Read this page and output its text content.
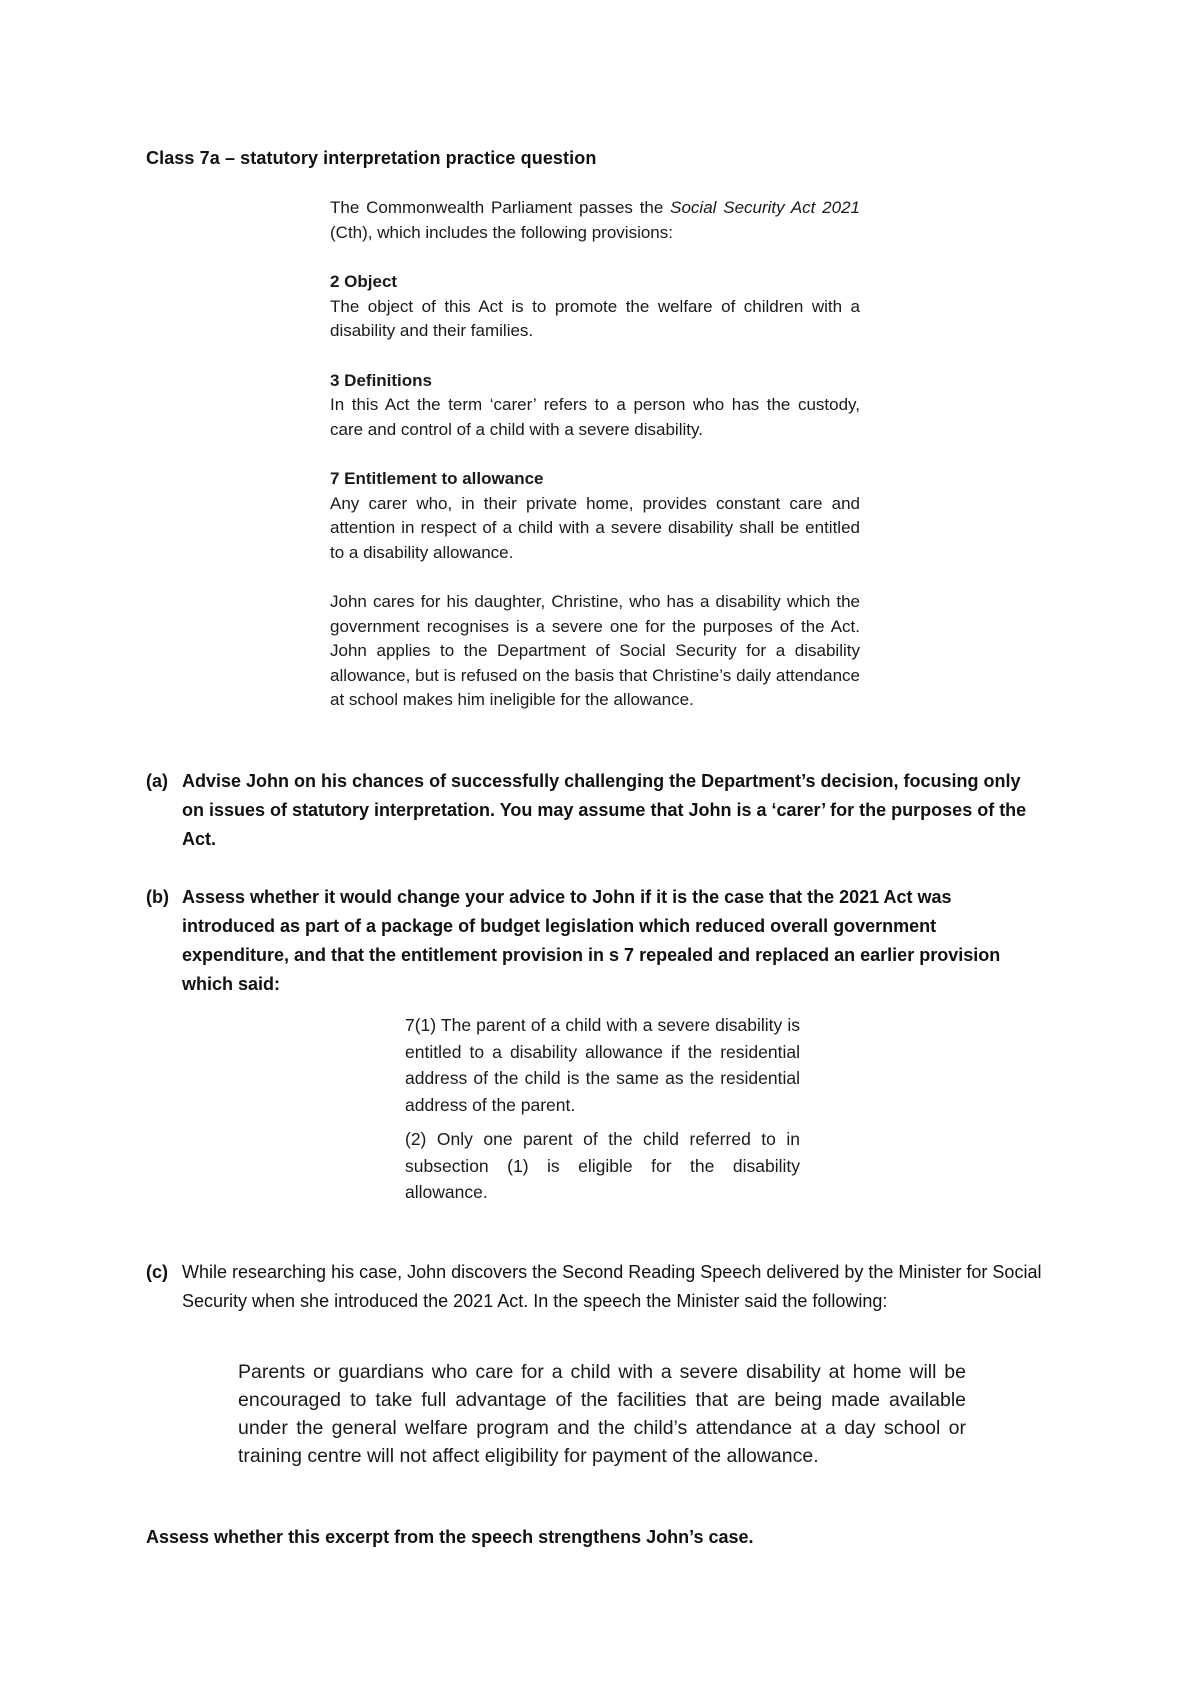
Class 7a – statutory interpretation practice question

The Commonwealth Parliament passes the Social Security Act 2021 (Cth), which includes the following provisions:

2 Object

The object of this Act is to promote the welfare of children with a disability and their families.

3 Definitions

In this Act the term ‘carer’ refers to a person who has the custody, care and control of a child with a severe disability.

7 Entitlement to allowance

Any carer who, in their private home, provides constant care and attention in respect of a child with a severe disability shall be entitled to a disability allowance.

John cares for his daughter, Christine, who has a disability which the government recognises is a severe one for the purposes of the Act. John applies to the Department of Social Security for a disability allowance, but is refused on the basis that Christine’s daily attendance at school makes him ineligible for the allowance.

(a) Advise John on his chances of successfully challenging the Department’s decision, focusing only on issues of statutory interpretation. You may assume that John is a ‘carer’ for the purposes of the Act.
(b) Assess whether it would change your advice to John if it is the case that the 2021 Act was introduced as part of a package of budget legislation which reduced overall government expenditure, and that the entitlement provision in s 7 repealed and replaced an earlier provision which said:

7(1) The parent of a child with a severe disability is entitled to a disability allowance if the residential address of the child is the same as the residential address of the parent.

(2) Only one parent of the child referred to in subsection (1) is eligible for the disability allowance.

(c) While researching his case, John discovers the Second Reading Speech delivered by the Minister for Social Security when she introduced the 2021 Act. In the speech the Minister said the following:

Parents or guardians who care for a child with a severe disability at home will be encouraged to take full advantage of the facilities that are being made available under the general welfare program and the child’s attendance at a day school or training centre will not affect eligibility for payment of the allowance.

Assess whether this excerpt from the speech strengthens John’s case.
